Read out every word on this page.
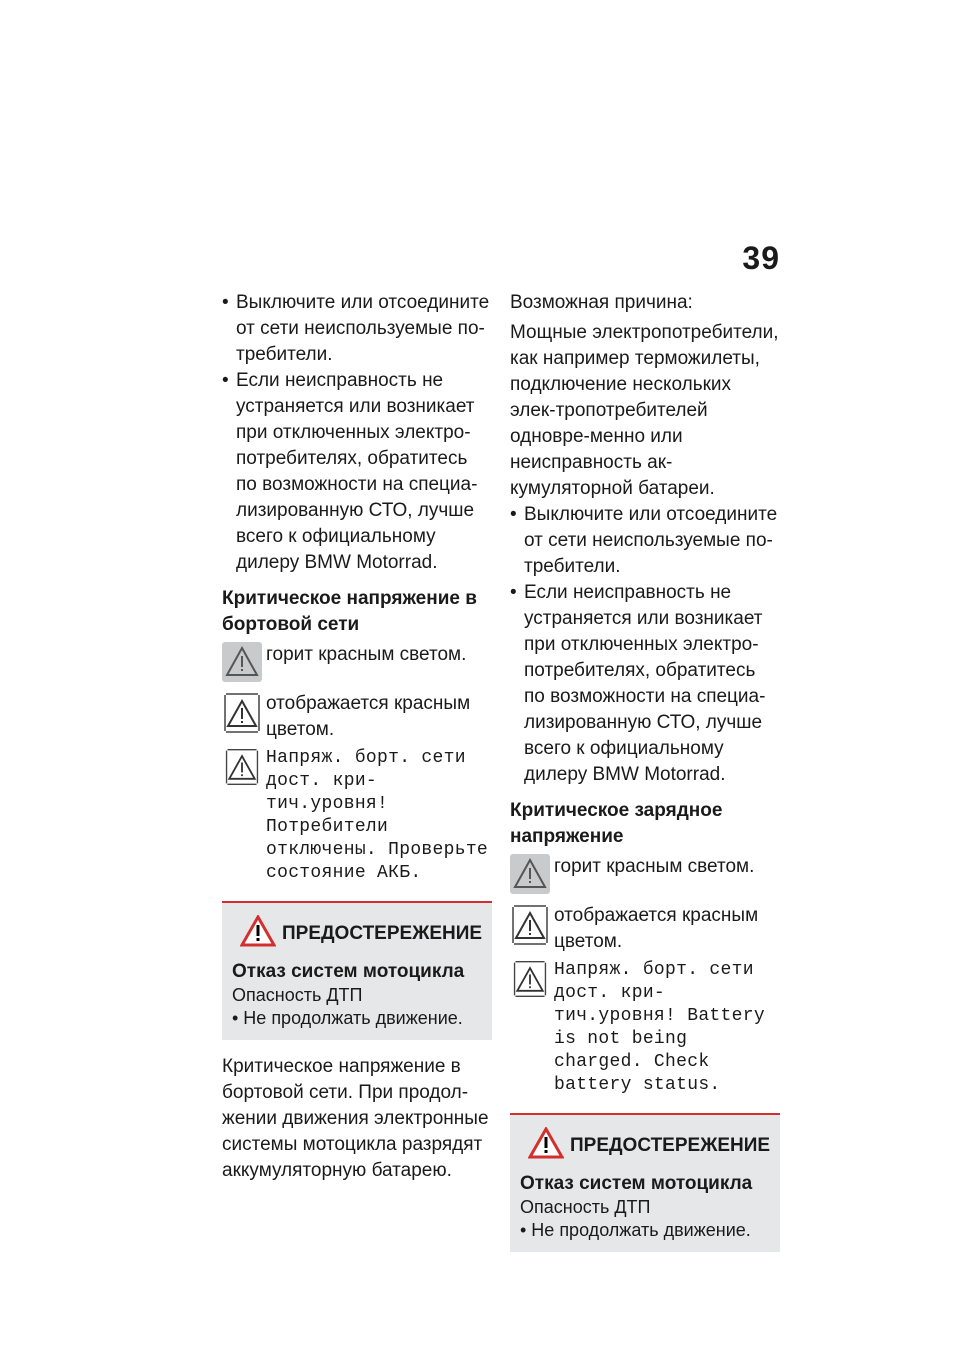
39
• Выключите или отсоедините от сети неиспользуемые по-требители.
• Если неисправность не устраняется или возникает при отключенных электро-потребителях, обратитесь по возможности на специа-лизированную СТО, лучше всего к официальному дилеру BMW Motorrad.
Критическое напряжение в бортовой сети
горит красным светом.
отображается красным цветом.
Напряж. борт. сети дост. кри-тич.уровня! Потребители отключены. Проверьте состояние АКБ.
ПРЕДОСТЕРЕЖЕНИЕ
Отказ систем мотоцикла
Опасность ДТП
• Не продолжать движение.

Критическое напряжение в бортовой сети. При продол-жении движения электронные системы мотоцикла разрядят аккумуляторную батарею.

Возможная причина:

Мощные электропотребители, как например терможилеты, подключение нескольких элек-тропотребителей одновре-менно или неисправность ак-кумуляторной батареи.

• Выключите или отсоедините от сети неиспользуемые по-требители.
• Если неисправность не устраняется или возникает при отключенных электро-потребителях, обратитесь по возможности на специа-лизированную СТО, лучше всего к официальному дилеру BMW Motorrad.
Критическое зарядное напряжение
горит красным светом.
отображается красным цветом.
Напряж. борт. сети дост. кри-тич.уровня! Battery is not being charged. Check battery status.
ПРЕДОСТЕРЕЖЕНИЕ
Отказ систем мотоцикла
Опасность ДТП
• Не продолжать движение.
